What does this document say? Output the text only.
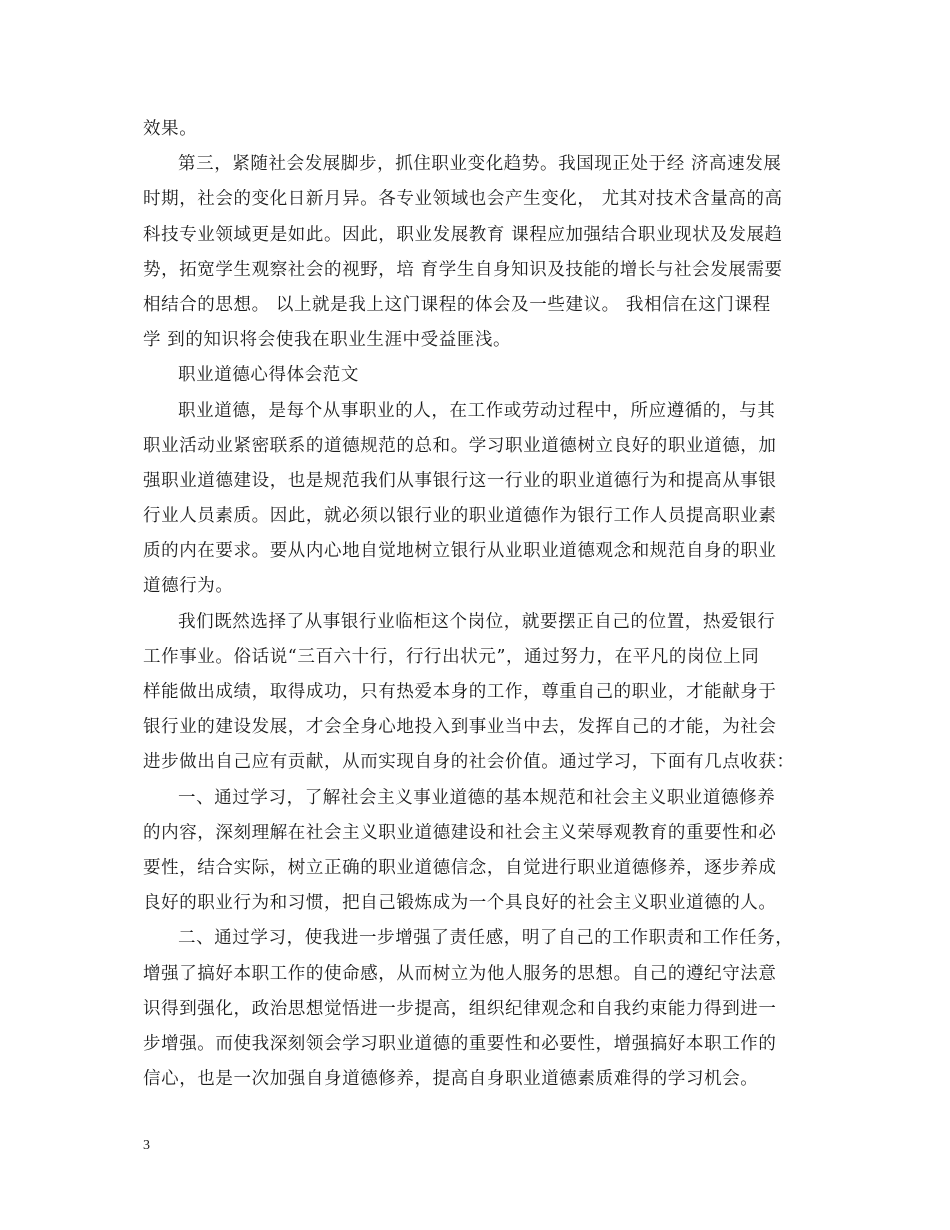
效果。
第三，紧随社会发展脚步，抓住职业变化趋势。我国现正处于经 济高速发展
时期，社会的变化日新月异。各专业领域也会产生变化， 尤其对技术含量高的高
科技专业领域更是如此。因此，职业发展教育 课程应加强结合职业现状及发展趋
势，拓宽学生观察社会的视野，培 育学生自身知识及技能的增长与社会发展需要
相结合的思想。 以上就是我上这门课程的体会及一些建议。 我相信在这门课程
学 到的知识将会使我在职业生涯中受益匪浅。
职业道德心得体会范文
职业道德，是每个从事职业的人，在工作或劳动过程中，所应遵循的，与其
职业活动业紧密联系的道德规范的总和。学习职业道德树立良好的职业道德，加
强职业道德建设，也是规范我们从事银行这一行业的职业道德行为和提高从事银
行业人员素质。因此，就必须以银行业的职业道德作为银行工作人员提高职业素
质的内在要求。要从内心地自觉地树立银行从业职业道德观念和规范自身的职业
道德行为。
我们既然选择了从事银行业临柜这个岗位，就要摆正自己的位置，热爱银行
工作事业。俗话说“三百六十行，行行出状元”，通过努力，在平凡的岗位上同
样能做出成绩，取得成功，只有热爱本身的工作，尊重自己的职业，才能献身于
银行业的建设发展，才会全身心地投入到事业当中去，发挥自己的才能，为社会
进步做出自己应有贡献，从而实现自身的社会价值。通过学习，下面有几点收获：
一、通过学习，了解社会主义事业道德的基本规范和社会主义职业道德修养
的内容，深刻理解在社会主义职业道德建设和社会主义荣辱观教育的重要性和必
要性，结合实际，树立正确的职业道德信念，自觉进行职业道德修养，逐步养成
良好的职业行为和习惯，把自己锻炼成为一个具良好的社会主义职业道德的人。
二、通过学习，使我进一步增强了责任感，明了自己的工作职责和工作任务，
增强了搞好本职工作的使命感，从而树立为他人服务的思想。自己的遵纪守法意
识得到强化，政治思想觉悟进一步提高，组织纪律观念和自我约束能力得到进一
步增强。而使我深刻领会学习职业道德的重要性和必要性，增强搞好本职工作的
信心，也是一次加强自身道德修养，提高自身职业道德素质难得的学习机会。
3
